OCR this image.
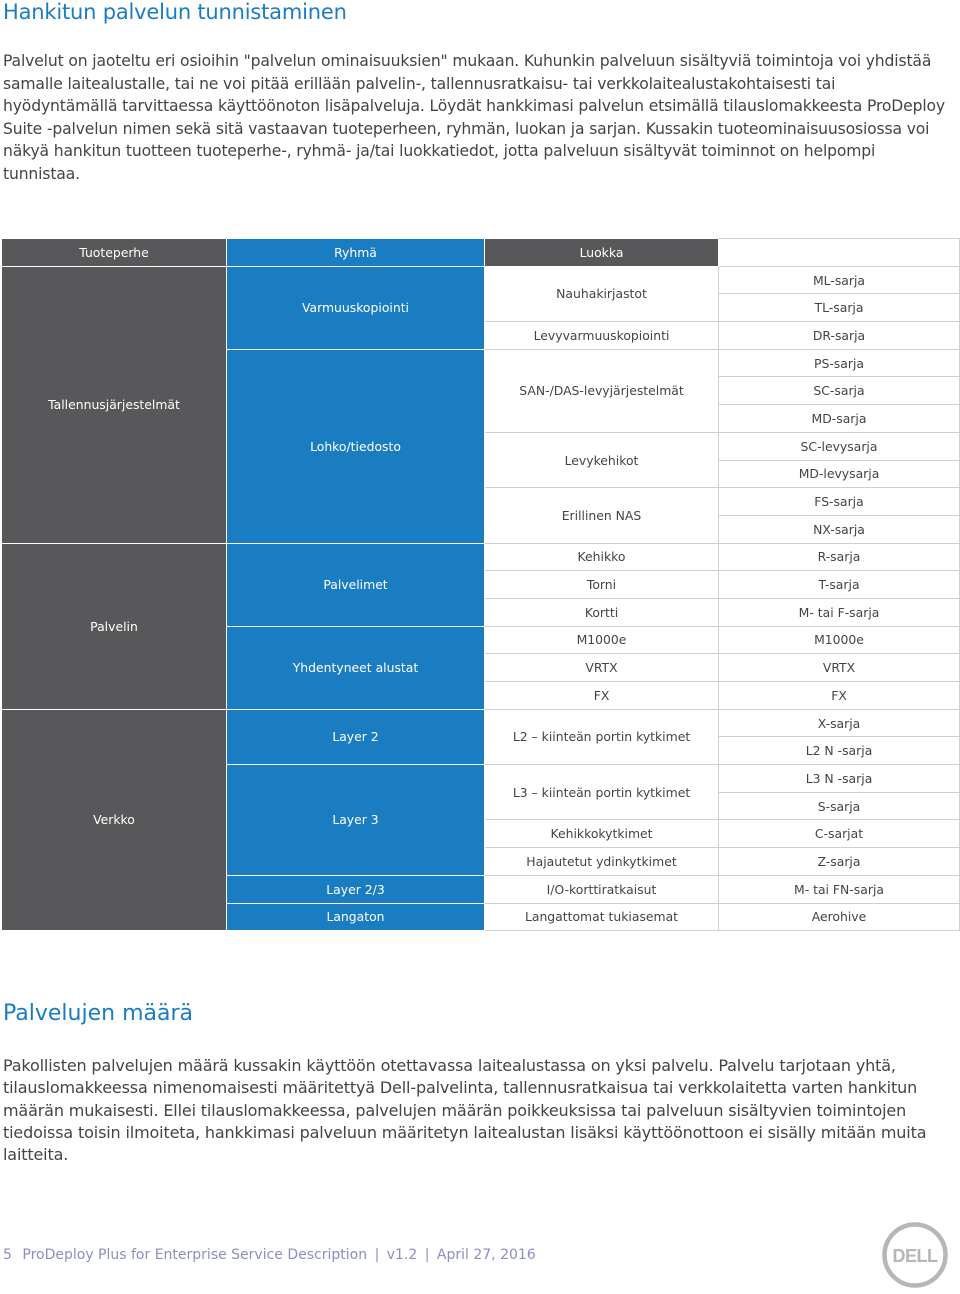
Hankitun palvelun tunnistaminen

Palvelut on jaoteltu eri osioihin "palvelun ominaisuuksien" mukaan. Kuhunkin palveluun sisältyviä toimintoja voi yhdistää samalle laitealustalle, tai ne voi pitää erillään palvelin-, tallennusratkaisu- tai verkkolaitealustakohtaisesti tai hyödyntämällä tarvittaessa käyttöönoton lisäpalveluja. Löydät hankkimasi palvelun etsimällä tilauslomakkeesta ProDeploy Suite -palvelun nimen sekä sitä vastaavan tuoteperheen, ryhmän, luokan ja sarjan. Kussakin tuoteominaisuusosiossa voi näkyä hankitun tuotteen tuoteperhe-, ryhmä- ja/tai luokkatiedot, jotta palveluun sisältyvät toiminnot on helpompi tunnistaa.

Tuoteperhe	Ryhmä	Luokka	Sarja
Tallennusjärjestelmät	Varmuuskopiointi	Nauhakirjastot	ML-sarja
			TL-sarja
		Levyvarmuuskopiointi	DR-sarja
	Lohko/tiedosto	SAN-/DAS-levyjärjestelmät	PS-sarja
			SC-sarja
			MD-sarja
		Levykehikot	SC-levysarja
			MD-levysarja
		Erillinen NAS	FS-sarja
			NX-sarja
Palvelin	Palvelimet	Kehikko	R-sarja
		Torni	T-sarja
		Kortti	M- tai F-sarja
	Yhdentyneet alustat	M1000e	M1000e
		VRTX	VRTX
		FX	FX
Verkko	Layer 2	L2 – kiinteän portin kytkimet	X-sarja
			L2 N -sarja
	Layer 3	L3 – kiinteän portin kytkimet	L3 N -sarja
			S-sarja
		Kehikkokytkimet	C-sarjat
		Hajautetut ydinkytkimet	Z-sarja
	Layer 2/3	I/O-korttiratkaisut	M- tai FN-sarja
	Langaton	Langattomat tukiasemat	Aerohive
Palvelujen määrä

Pakollisten palvelujen määrä kussakin käyttöön otettavassa laitealustassa on yksi palvelu. Palvelu tarjotaan yhtä, tilauslomakkeessa nimenomaisesti määritettyä Dell-palvelinta, tallennusratkaisua tai verkkolaitetta varten hankitun määrän mukaisesti. Ellei tilauslomakkeessa, palvelujen määrän poikkeuksissa tai palveluun sisältyvien toimintojen tiedoissa toisin ilmoiteta, hankkimasi palveluun määritetyn laitealustan lisäksi käyttöönottoon ei sisälly mitään muita laitteita.

5 ProDeploy Plus for Enterprise Service Description | v1.2 | April 27, 2016	DELL
